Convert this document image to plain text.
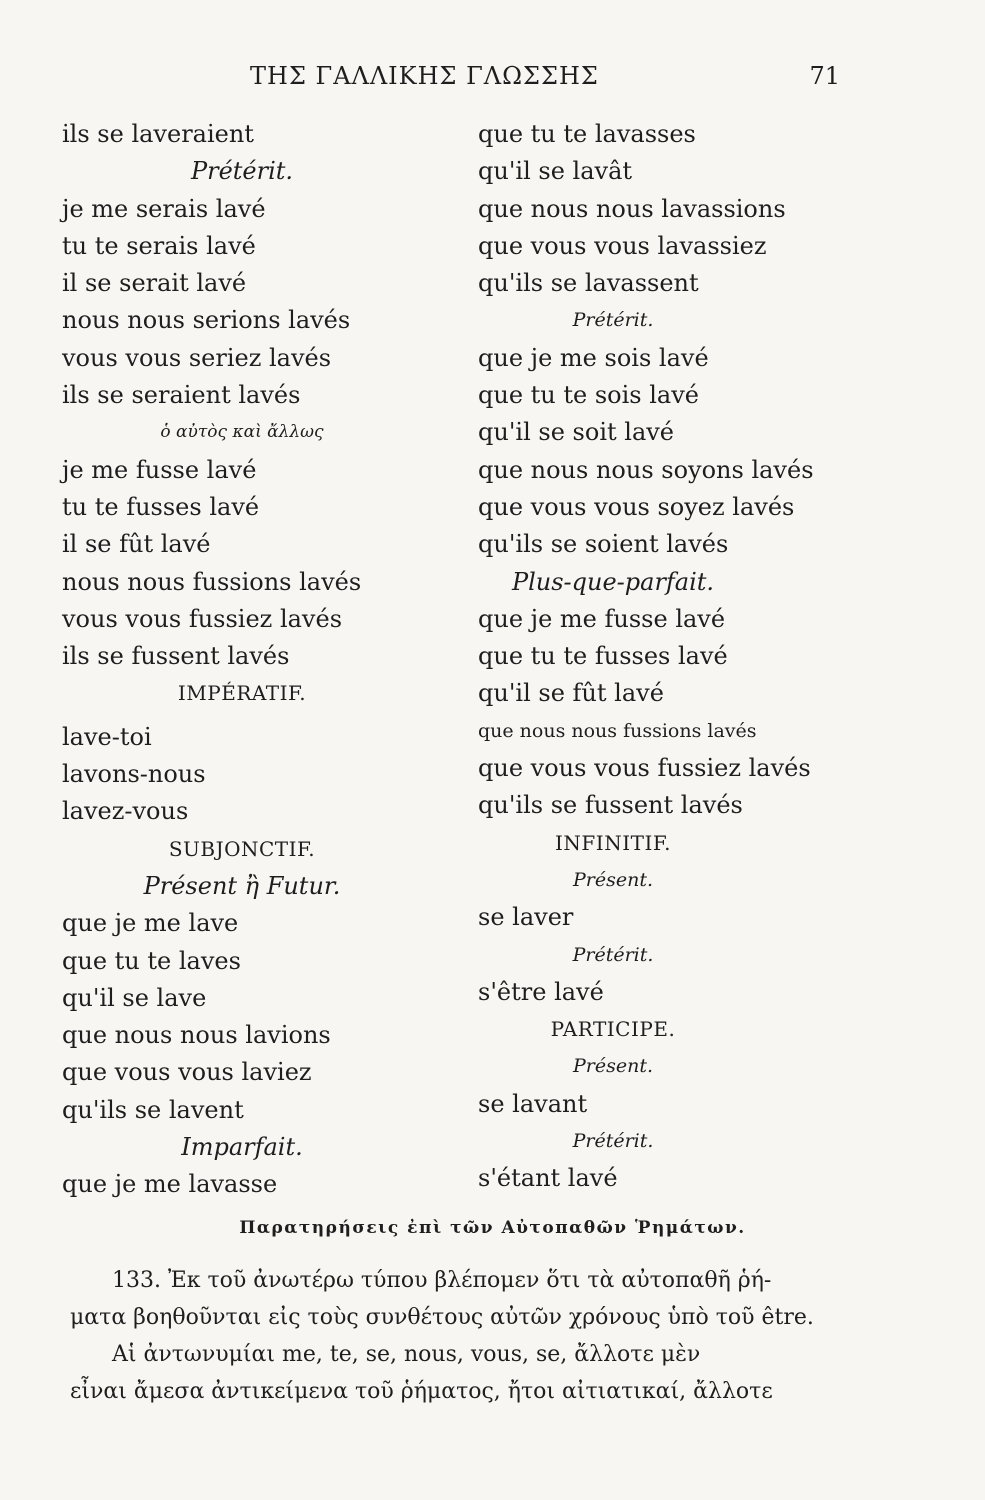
ΤΗΣ ΓΑΛΛΙΚΗΣ ΓΛΩΣΣΗΣ	71
ils se laveraient
Prétérit.
je me serais lavé
tu te serais lavé
il se serait lavé
nous nous serions lavés
vous vous seriez lavés
ils se seraient lavés
ὁ αὐτὸς καὶ ἄλλως
je me fusse lavé
tu te fusses lavé
il se fût lavé
nous nous fussions lavés
vous vous fussiez lavés
ils se fussent lavés
IMPÉRATIF.
lave-toi
lavons-nous
lavez-vous
SUBJONCTIF.
Présent ἢ Futur.
que je me lave
que tu te laves
qu'il se lave
que nous nous lavions
que vous vous laviez
qu'ils se lavent
Imparfait.
que je me lavasse
que tu te lavasses
qu'il se lavât
que nous nous lavassions
que vous vous lavassiez
qu'ils se lavassent
Prétérit.
que je me sois lavé
que tu te sois lavé
qu'il se soit lavé
que nous nous soyons lavés
que vous vous soyez lavés
qu'ils se soient lavés
Plus-que-parfait.
que je me fusse lavé
que tu te fusses lavé
qu'il se fût lavé
que nous nous fussions lavés
que vous vous fussiez lavés
qu'ils se fussent lavés
INFINITIF.
Présent.
se laver
Prétérit.
s'être lavé
PARTICIPE.
Présent.
se lavant
Prétérit.
s'étant lavé
Παρατηρήσεις ἐπὶ τῶν Αὐτοπαθῶν Ῥημάτων.
133. Ἐκ τοῦ ἀνωτέρω τύπου βλέπομεν ὅτι τὰ αὐτοπαθῆ ῥή-
ματα βοηθοῦνται εἰς τοὺς συνθέτους αὐτῶν χρόνους ὑπὸ τοῦ être.
Αἱ ἀντωνυμίαι me, te, se, nous, vous, se, ἄλλοτε μὲν
εἶναι ἄμεσα ἀντικείμενα τοῦ ῥήματος, ἤτοι αἰτιατικαί, ἄλλοτε
